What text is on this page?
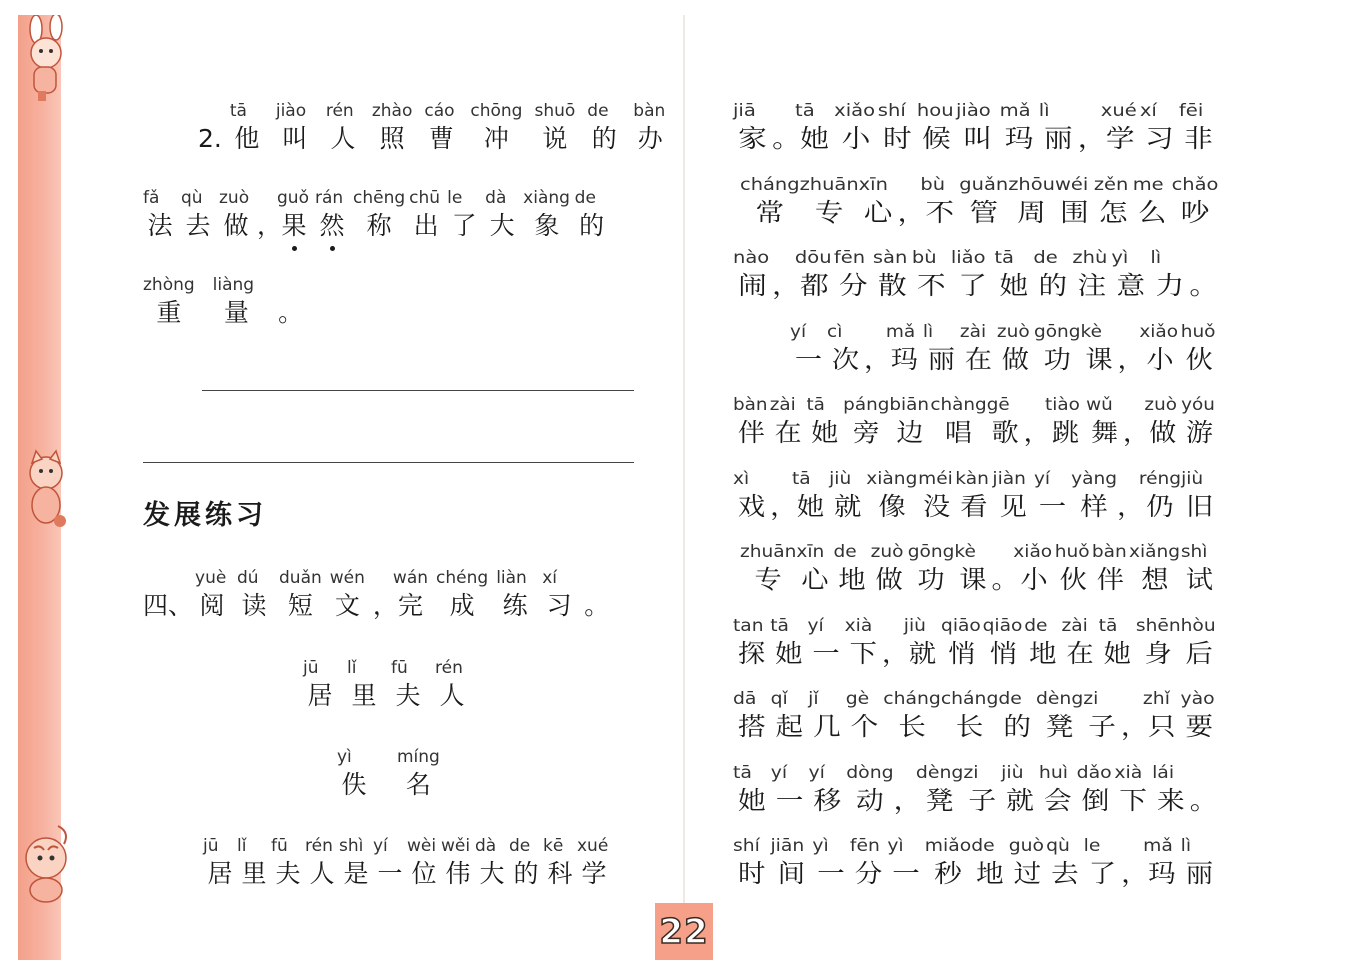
2.
tā
他
jiào
叫
rén
人
zhào
照
cáo
曹
chōng
冲
shuō
说
de
的
bàn
办
fǎ
法
qù
去
zuò
做 ，
guǒ
果
rán
然
chēng
称
chū
出
le
了
dà
大
xiàng
象
de
的
zhòng
重
liàng
量	。
发展练习
四、
yuè
阅
dú
读
duǎn
短
wén
文 ，
wán
完
chéng
成
liàn
练
xí
习 。
jū
居
lǐ
里
fū
夫
rén
人
yì
佚
míng
名
jū
居
lǐ
里
fū
夫
rén
人
shì
是
yí
一
wèi
位
wěi
伟
dà
大
de
的
kē
科
xué
学
jiā
家 。
tā
她
xiǎo
小
shí
时
hou
候
jiào
叫
mǎ
玛
lì
丽 ，
xué
学
xí
习
fēi
非
cháng
常
zhuān
专
xīn
心 ，
bù
不
guǎn
管
zhōu
周
wéi
围
zěn
怎
me
么
chǎo
吵
nào
闹 ，
dōu
都
fēn
分
sàn
散
bù
不
liǎo
了
tā
她
de
的
zhù
注
yì
意
lì
力 。
yí
一
cì
次 ，
mǎ
玛
lì
丽
zài
在
zuò
做
gōng
功
kè
课 ，
xiǎo
小
huǒ
伙
bàn
伴
zài
在
tā
她
páng
旁
biān
边
chàng
唱
gē
歌 ，
tiào
跳
wǔ
舞 ，
zuò
做
yóu
游
xì
戏 ，
tā
她
jiù
就
xiàng
像
méi
没
kàn
看
jiàn
见
yí
一
yàng
样 ，
réng
仍
jiù
旧
zhuān
专
xīn
心
de
地
zuò
做
gōng
功
kè
课 。
xiǎo
小
huǒ
伙
bàn
伴
xiǎng
想
shì
试
tan
探
tā
她
yí
一
xià
下 ，
jiù
就
qiāo
悄
qiāo
悄
de
地
zài
在
tā
她
shēn
身
hòu
后
dā
搭
qǐ
起
jǐ
几
gè
个
cháng
长
cháng
长
de
的
dèng
凳
zi
子 ，
zhǐ
只
yào
要
tā
她
yí
一
yí
移
dòng
动 ，
dèng
凳
zi
子
jiù
就
huì
会
dǎo
倒
xià
下
lái
来 。
shí
时
jiān
间
yì
一
fēn
分
yì
一
miǎo
秒
de
地
guò
过
qù
去
le
了 ，
mǎ
玛
lì
丽
22
